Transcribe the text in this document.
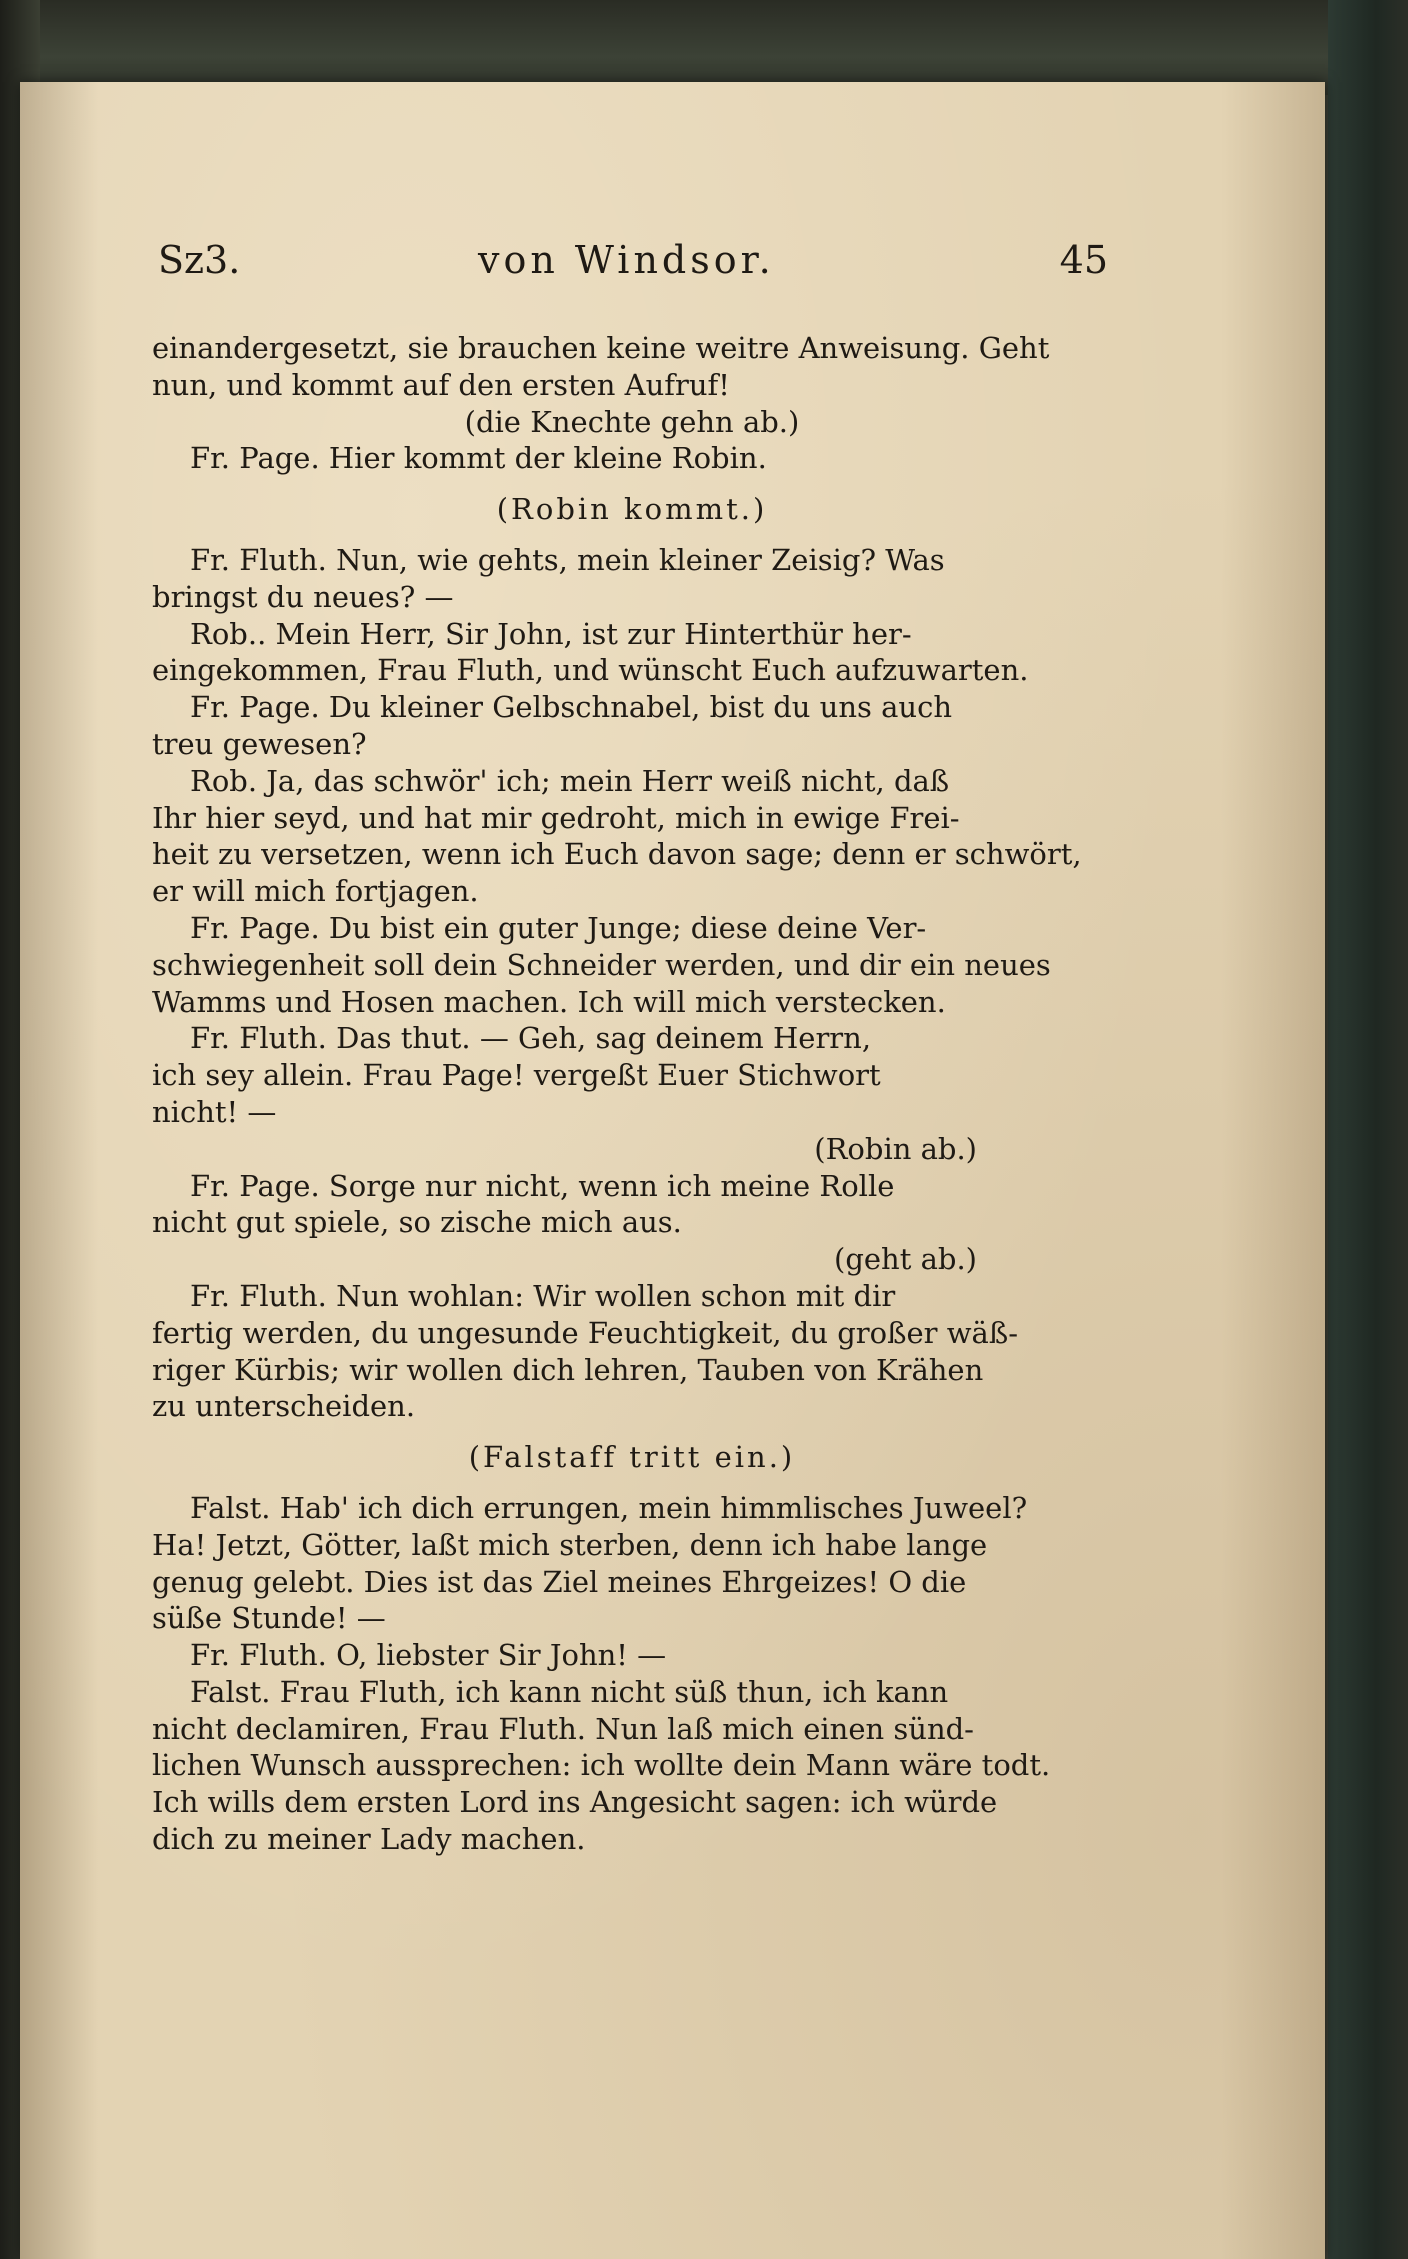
Sz3.	von Windsor.	45

einandergesetzt, sie brauchen keine weitre Anweisung. Geht

nun, und kommt auf den ersten Aufruf!

(die Knechte gehn ab.)

Fr. Page. Hier kommt der kleine Robin.

(Robin kommt.)

Fr. Fluth. Nun, wie gehts, mein kleiner Zeisig? Was

bringst du neues? —

Rob.. Mein Herr, Sir John, ist zur Hinterthür her-

eingekommen, Frau Fluth, und wünscht Euch aufzuwarten.

Fr. Page. Du kleiner Gelbschnabel, bist du uns auch

treu gewesen?

Rob. Ja, das schwör' ich; mein Herr weiß nicht, daß

Ihr hier seyd, und hat mir gedroht, mich in ewige Frei-

heit zu versetzen, wenn ich Euch davon sage; denn er schwört,

er will mich fortjagen.

Fr. Page. Du bist ein guter Junge; diese deine Ver-

schwiegenheit soll dein Schneider werden, und dir ein neues

Wamms und Hosen machen. Ich will mich verstecken.

Fr. Fluth. Das thut. — Geh, sag deinem Herrn,

ich sey allein. Frau Page! vergeßt Euer Stichwort

nicht! —

(Robin ab.)

Fr. Page. Sorge nur nicht, wenn ich meine Rolle

nicht gut spiele, so zische mich aus.

(geht ab.)

Fr. Fluth. Nun wohlan: Wir wollen schon mit dir

fertig werden, du ungesunde Feuchtigkeit, du großer wäß-

riger Kürbis; wir wollen dich lehren, Tauben von Krähen

zu unterscheiden.

(Falstaff tritt ein.)

Falst. Hab' ich dich errungen, mein himmlisches Juweel?

Ha! Jetzt, Götter, laßt mich sterben, denn ich habe lange

genug gelebt. Dies ist das Ziel meines Ehrgeizes! O die

süße Stunde! —

Fr. Fluth. O, liebster Sir John! —

Falst. Frau Fluth, ich kann nicht süß thun, ich kann

nicht declamiren, Frau Fluth. Nun laß mich einen sünd-

lichen Wunsch aussprechen: ich wollte dein Mann wäre todt.

Ich wills dem ersten Lord ins Angesicht sagen: ich würde

dich zu meiner Lady machen.
